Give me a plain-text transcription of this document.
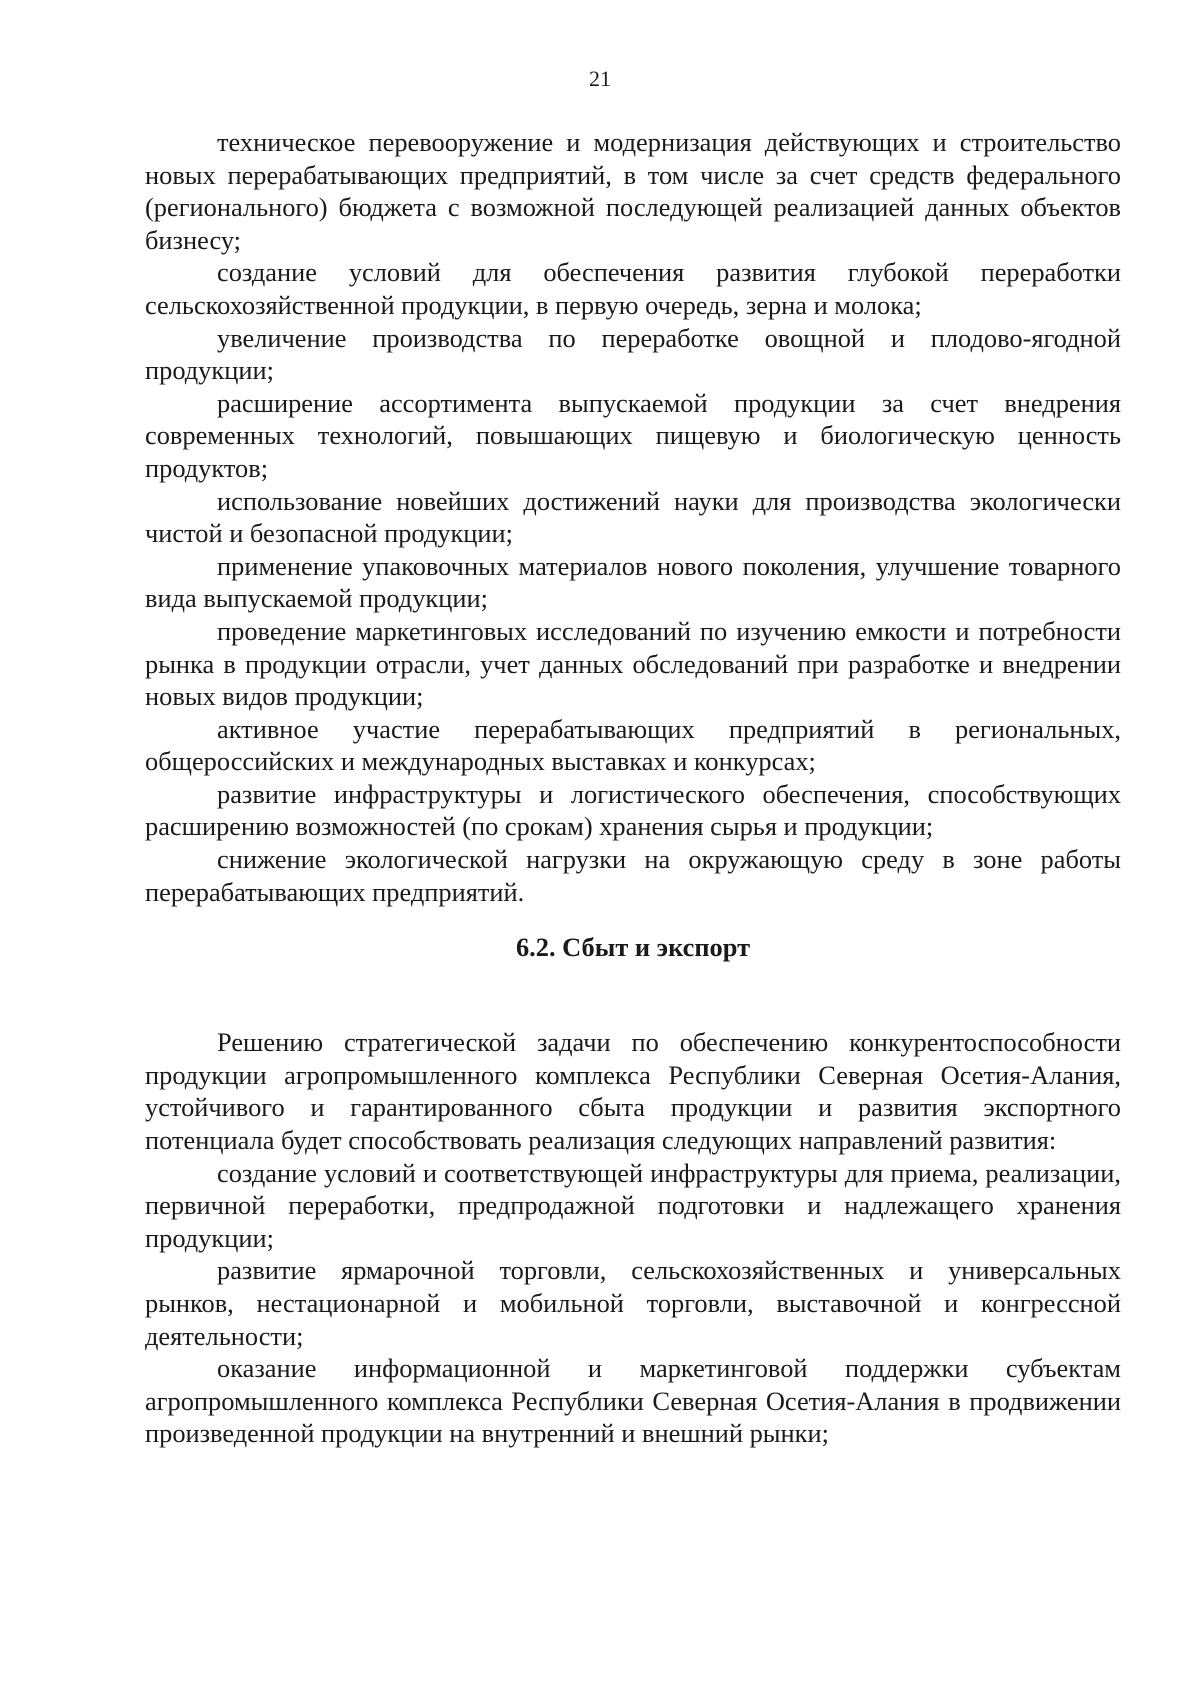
21

техническое перевооружение и модернизация действующих и строительство новых перерабатывающих предприятий, в том числе за счет средств федерального (регионального) бюджета с возможной последующей реализацией данных объектов бизнесу;

создание условий для обеспечения развития глубокой переработки сельскохозяйственной продукции, в первую очередь, зерна и молока;

увеличение производства по переработке овощной и плодово-ягодной продукции;

расширение ассортимента выпускаемой продукции за счет внедрения современных технологий, повышающих пищевую и биологическую ценность продуктов;

использование новейших достижений науки для производства экологически чистой и безопасной продукции;

применение упаковочных материалов нового поколения, улучшение товарного вида выпускаемой продукции;

проведение маркетинговых исследований по изучению емкости и потребности рынка в продукции отрасли, учет данных обследований при разработке и внедрении новых видов продукции;

активное участие перерабатывающих предприятий в региональных, общероссийских и международных выставках и конкурсах;

развитие инфраструктуры и логистического обеспечения, способствующих расширению возможностей (по срокам) хранения сырья и продукции;

снижение экологической нагрузки на окружающую среду в зоне работы перерабатывающих предприятий.

6.2. Сбыт и экспорт

Решению стратегической задачи по обеспечению конкурентоспособности продукции агропромышленного комплекса Республики Северная Осетия-Алания, устойчивого и гарантированного сбыта продукции и развития экспортного потенциала будет способствовать реализация следующих направлений развития:

создание условий и соответствующей инфраструктуры для приема, реализации, первичной переработки, предпродажной подготовки и надлежащего хранения продукции;

развитие ярмарочной торговли, сельскохозяйственных и универсальных рынков, нестационарной и мобильной торговли, выставочной и конгрессной деятельности;

оказание информационной и маркетинговой поддержки субъектам агропромышленного комплекса Республики Северная Осетия-Алания в продвижении произведенной продукции на внутренний и внешний рынки;
